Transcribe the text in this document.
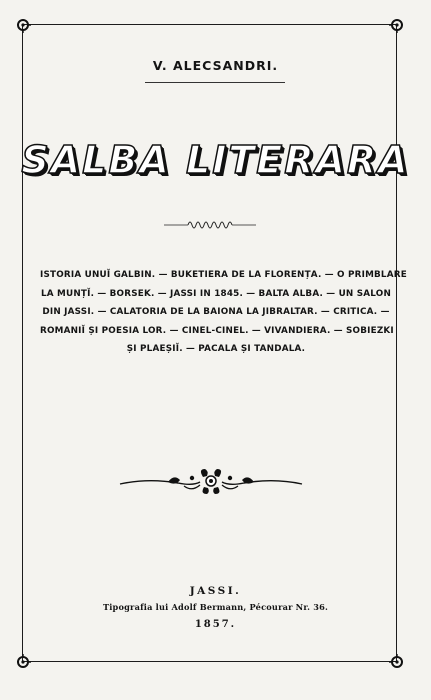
V. ALECSANDRI.
SALBA LITERARA
ISTORIA UNUĬ GALBIN. — BUKETIERA DE LA FLORENȚA. — O PRIMBLARE
LA MUNȚĬ. — BORSEK. — JASSI IN 1845. — BALTA ALBA. — UN SALON
DIN JASSI. — CALATORIA DE LA BAIONA LA JIBRALTAR. — CRITICA. —
ROMANIĬ ȘI POESIA LOR. — CINEL-CINEL. — VIVANDIERA. — SOBIEZKI
ȘI PLAEȘIĬ. — PACALA ȘI TANDALA.
JASSI.
Tipografia lui Adolf Bermann, Pécourar Nr. 36.
1857.
